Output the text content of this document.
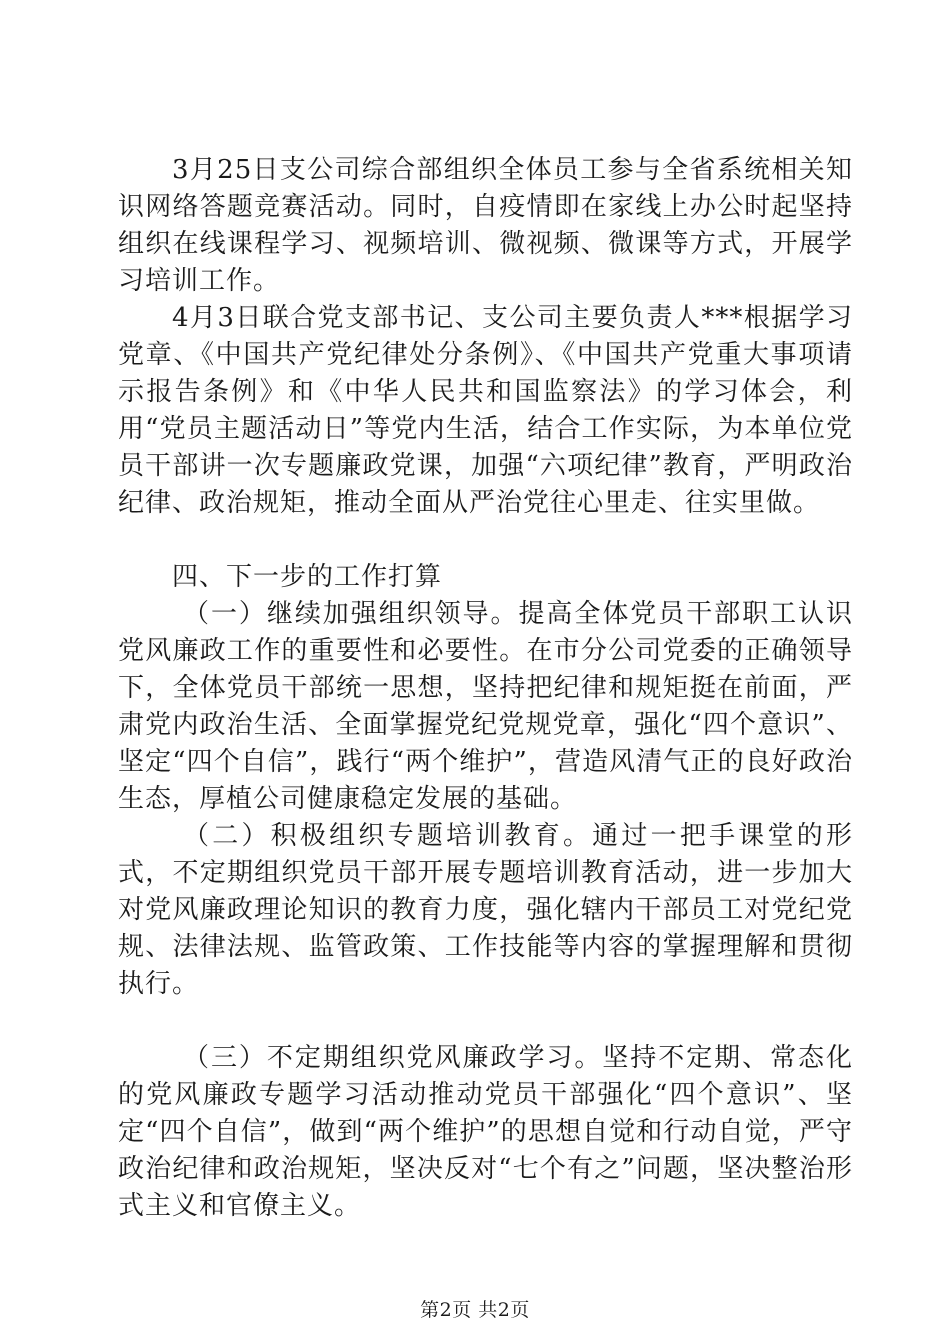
3月25日支公司综合部组织全体员工参与全省系统相关知识网络答题竞赛活动。同时，自疫情即在家线上办公时起坚持组织在线课程学习、视频培训、微视频、微课等方式，开展学习培训工作。

4月3日联合党支部书记、支公司主要负责人***根据学习党章、《中国共产党纪律处分条例》、《中国共产党重大事项请示报告条例》和《中华人民共和国监察法》的学习体会，利用“党员主题活动日”等党内生活，结合工作实际，为本单位党员干部讲一次专题廉政党课，加强“六项纪律”教育，严明政治纪律、政治规矩，推动全面从严治党往心里走、往实里做。

四、下一步的工作打算

（一）继续加强组织领导。提高全体党员干部职工认识党风廉政工作的重要性和必要性。在市分公司党委的正确领导下，全体党员干部统一思想，坚持把纪律和规矩挺在前面，严肃党内政治生活、全面掌握党纪党规党章，强化“四个意识”、坚定“四个自信”，践行“两个维护”，营造风清气正的良好政治生态，厚植公司健康稳定发展的基础。

（二）积极组织专题培训教育。通过一把手课堂的形式，不定期组织党员干部开展专题培训教育活动，进一步加大对党风廉政理论知识的教育力度，强化辖内干部员工对党纪党规、法律法规、监管政策、工作技能等内容的掌握理解和贯彻执行。

（三）不定期组织党风廉政学习。坚持不定期、常态化的党风廉政专题学习活动推动党员干部强化“四个意识”、坚定“四个自信”，做到“两个维护”的思想自觉和行动自觉，严守政治纪律和政治规矩，坚决反对“七个有之”问题，坚决整治形式主义和官僚主义。

第2页 共2页
